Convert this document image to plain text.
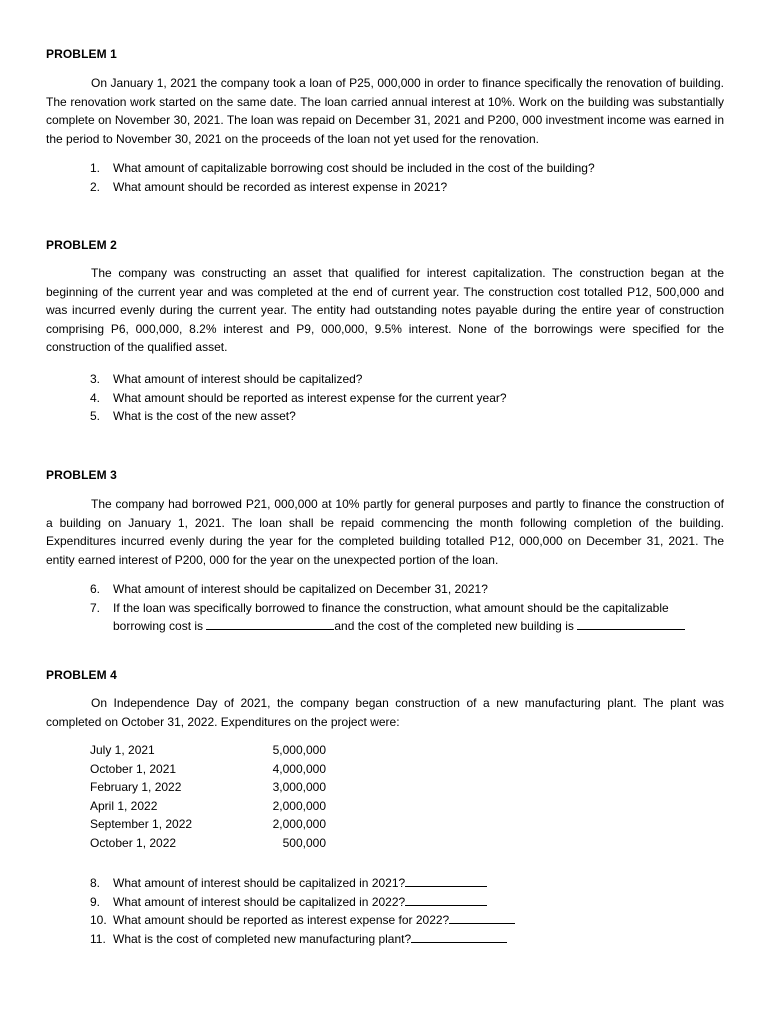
PROBLEM 1
On January 1, 2021 the company took a loan of P25, 000,000 in order to finance specifically the renovation of building. The renovation work started on the same date. The loan carried annual interest at 10%. Work on the building was substantially complete on November 30, 2021. The loan was repaid on December 31, 2021 and P200, 000 investment income was earned in the period to November 30, 2021 on the proceeds of the loan not yet used for the renovation.
1. What amount of capitalizable borrowing cost should be included in the cost of the building?
2. What amount should be recorded as interest expense in 2021?
PROBLEM 2
The company was constructing an asset that qualified for interest capitalization. The construction began at the beginning of the current year and was completed at the end of current year. The construction cost totalled P12, 500,000 and was incurred evenly during the current year. The entity had outstanding notes payable during the entire year of construction comprising P6, 000,000, 8.2% interest and P9, 000,000, 9.5% interest. None of the borrowings were specified for the construction of the qualified asset.
3. What amount of interest should be capitalized?
4. What amount should be reported as interest expense for the current year?
5. What is the cost of the new asset?
PROBLEM 3
The company had borrowed P21, 000,000 at 10% partly for general purposes and partly to finance the construction of a building on January 1, 2021. The loan shall be repaid commencing the month following completion of the building. Expenditures incurred evenly during the year for the completed building totalled P12, 000,000 on December 31, 2021. The entity earned interest of P200, 000 for the year on the unexpected portion of the loan.
6. What amount of interest should be capitalized on December 31, 2021?
7. If the loan was specifically borrowed to finance the construction, what amount should be the capitalizable borrowing cost is	and the cost of the completed new building is
PROBLEM 4
On Independence Day of 2021, the company began construction of a new manufacturing plant. The plant was completed on October 31, 2022. Expenditures on the project were:
July 1, 2021	5,000,000
October 1, 2021	4,000,000
February 1, 2022	3,000,000
April 1, 2022	2,000,000
September 1, 2022	2,000,000
October 1, 2022	500,000
8. What amount of interest should be capitalized in 2021?
9. What amount of interest should be capitalized in 2022?
10. What amount should be reported as interest expense for 2022?
11. What is the cost of completed new manufacturing plant?
